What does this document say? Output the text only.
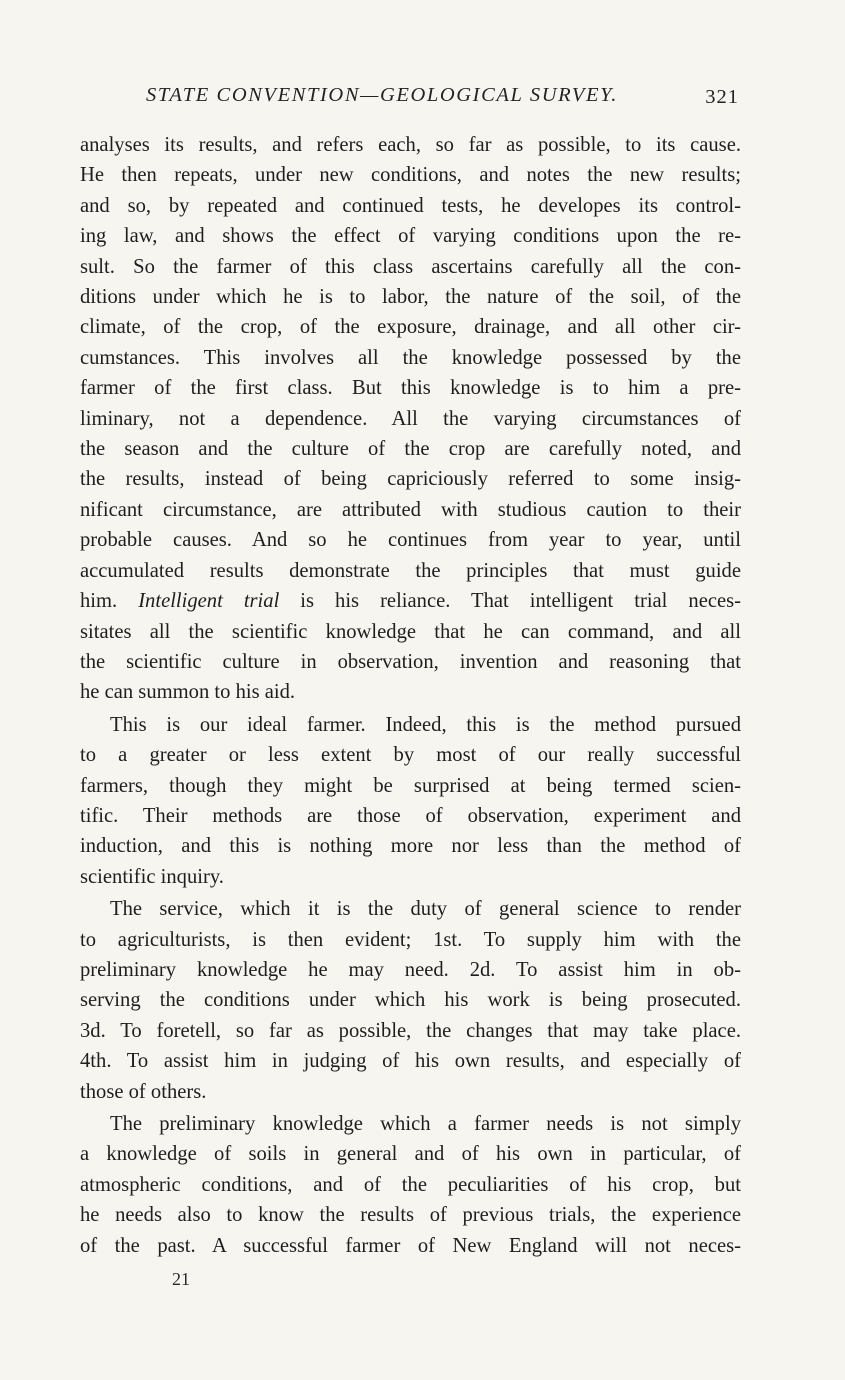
STATE CONVENTION—GEOLOGICAL SURVEY.	321
analyses its results, and refers each, so far as possible, to its cause.
He then repeats, under new conditions, and notes the new results;
and so, by repeated and continued tests, he developes its control-
ing law, and shows the effect of varying conditions upon the re-
sult. So the farmer of this class ascertains carefully all the con-
ditions under which he is to labor, the nature of the soil, of the
climate, of the crop, of the exposure, drainage, and all other cir-
cumstances. This involves all the knowledge possessed by the
farmer of the first class. But this knowledge is to him a pre-
liminary, not a dependence. All the varying circumstances of
the season and the culture of the crop are carefully noted, and
the results, instead of being capriciously referred to some insig-
nificant circumstance, are attributed with studious caution to their
probable causes. And so he continues from year to year, until
accumulated results demonstrate the principles that must guide
him. Intelligent trial is his reliance. That intelligent trial neces-
sitates all the scientific knowledge that he can command, and all
the scientific culture in observation, invention and reasoning that
he can summon to his aid.
This is our ideal farmer. Indeed, this is the method pursued
to a greater or less extent by most of our really successful
farmers, though they might be surprised at being termed scien-
tific. Their methods are those of observation, experiment and
induction, and this is nothing more nor less than the method of
scientific inquiry.
The service, which it is the duty of general science to render
to agriculturists, is then evident; 1st. To supply him with the
preliminary knowledge he may need. 2d. To assist him in ob-
serving the conditions under which his work is being prosecuted.
3d. To foretell, so far as possible, the changes that may take place.
4th. To assist him in judging of his own results, and especially of
those of others.
The preliminary knowledge which a farmer needs is not simply
a knowledge of soils in general and of his own in particular, of
atmospheric conditions, and of the peculiarities of his crop, but
he needs also to know the results of previous trials, the experience
of the past. A successful farmer of New England will not neces-
21
